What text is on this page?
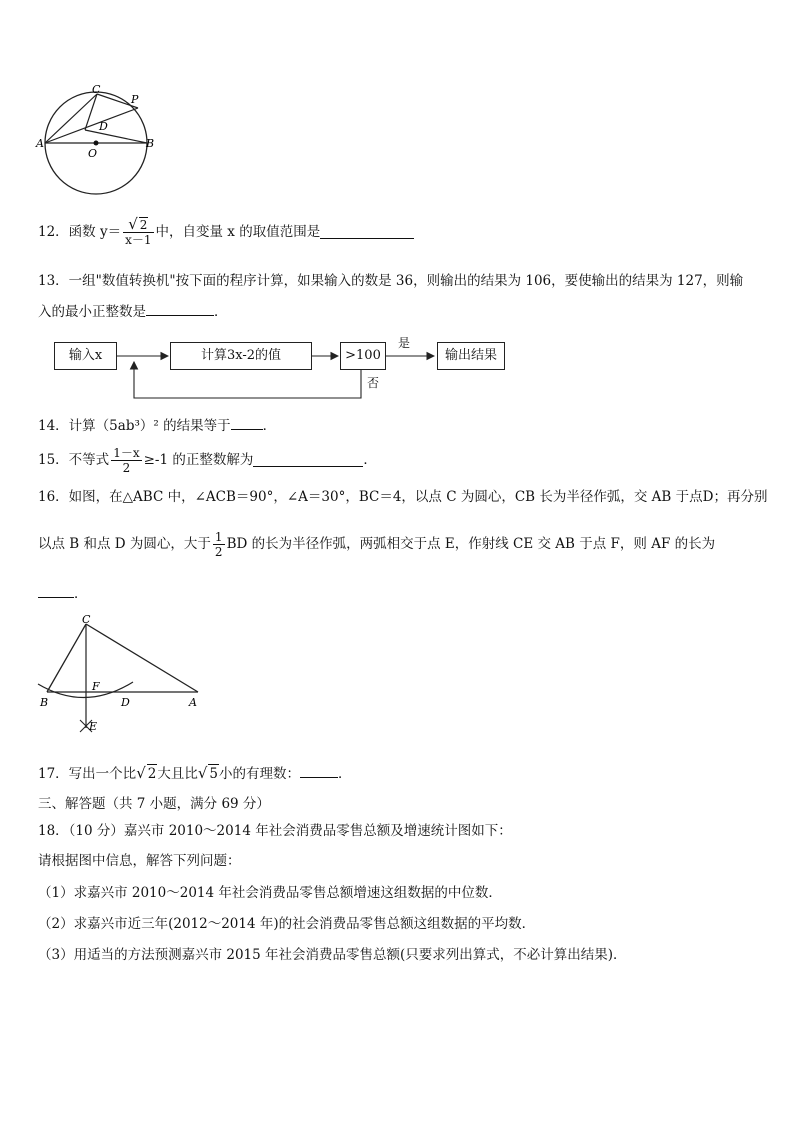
C
P
D
A
O
B
12．函数 $y= \frac{√ 2}{x-1}$ 中，自变量 x 的取值范围是
13．一组"数值转换机"按下面的程序计算，如果输入的数是 36，则输出的结果为 106，要使输出的结果为 127，则输
入的最小正整数是	．
输入x	计算3x-2的值	>100	输出结果
是
否
14．计算（5ab³）² 的结果等于 ．
15．不等式 $\frac{1-x}{2} \ge-1$ 的正整数解为	．
16．如图，在△ABC 中，∠ACB＝90°，∠A＝30°，BC＝4，以点 C 为圆心，CB 长为半径作弧，交 AB 于点D；再分别
以点 B 和点 D 为圆心，大于 $\frac{1}{2}$ BD 的长为半径作弧，两弧相交于点 E，作射线 CE 交 AB 于点 F，则 AF 的长为
．
C
F
B	D	A
E
17．写出一个比√ 2大且比√ 5小的有理数：	．
三、解答题（共 7 小题，满分 69 分）
18．（10 分）嘉兴市 2010～2014 年社会消费品零售总额及增速统计图如下：
请根据图中信息，解答下列问题：
（1）求嘉兴市 2010～2014 年社会消费品零售总额增速这组数据的中位数．
（2）求嘉兴市近三年(2012～2014 年)的社会消费品零售总额这组数据的平均数．
（3）用适当的方法预测嘉兴市 2015 年社会消费品零售总额(只要求列出算式，不必计算出结果)．
